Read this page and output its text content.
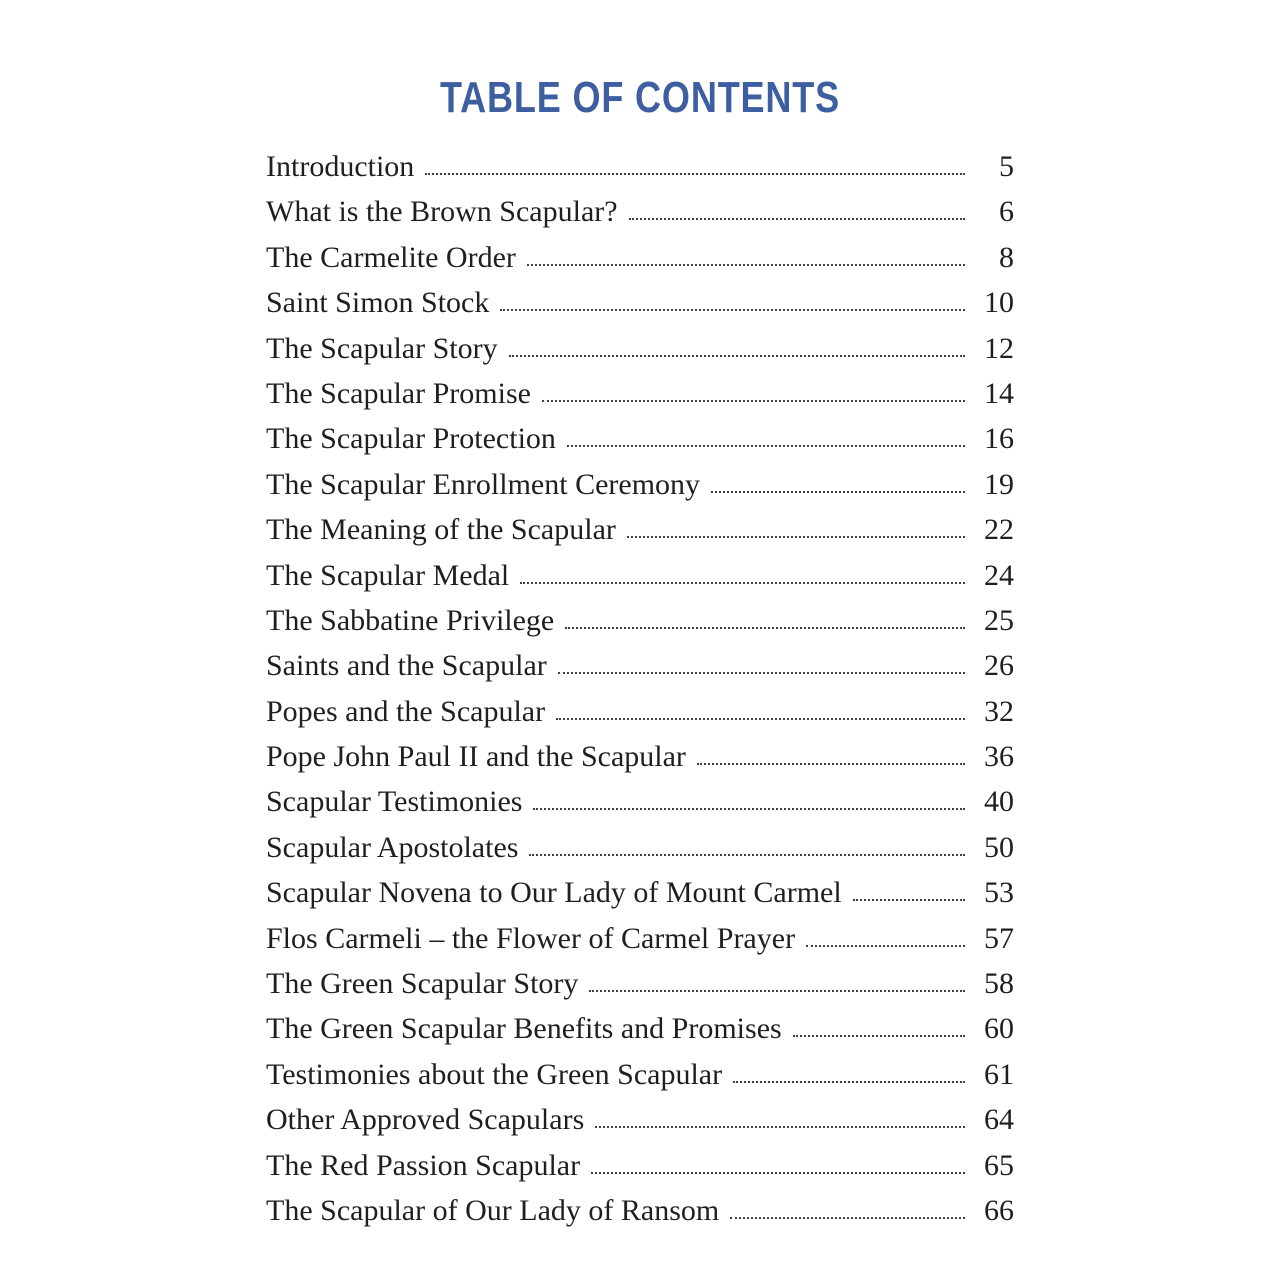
TABLE OF CONTENTS
Introduction	5
What is the Brown Scapular?	6
The Carmelite Order	8
Saint Simon Stock	10
The Scapular Story	12
The Scapular Promise	14
The Scapular Protection	16
The Scapular Enrollment Ceremony	19
The Meaning of the Scapular	22
The Scapular Medal	24
The Sabbatine Privilege	25
Saints and the Scapular	26
Popes and the Scapular	32
Pope John Paul II and the Scapular	36
Scapular Testimonies	40
Scapular Apostolates	50
Scapular Novena to Our Lady of Mount Carmel	53
Flos Carmeli – the Flower of Carmel Prayer	57
The Green Scapular Story	58
The Green Scapular Benefits and Promises	60
Testimonies about the Green Scapular	61
Other Approved Scapulars	64
The Red Passion Scapular	65
The Scapular of Our Lady of Ransom	66
